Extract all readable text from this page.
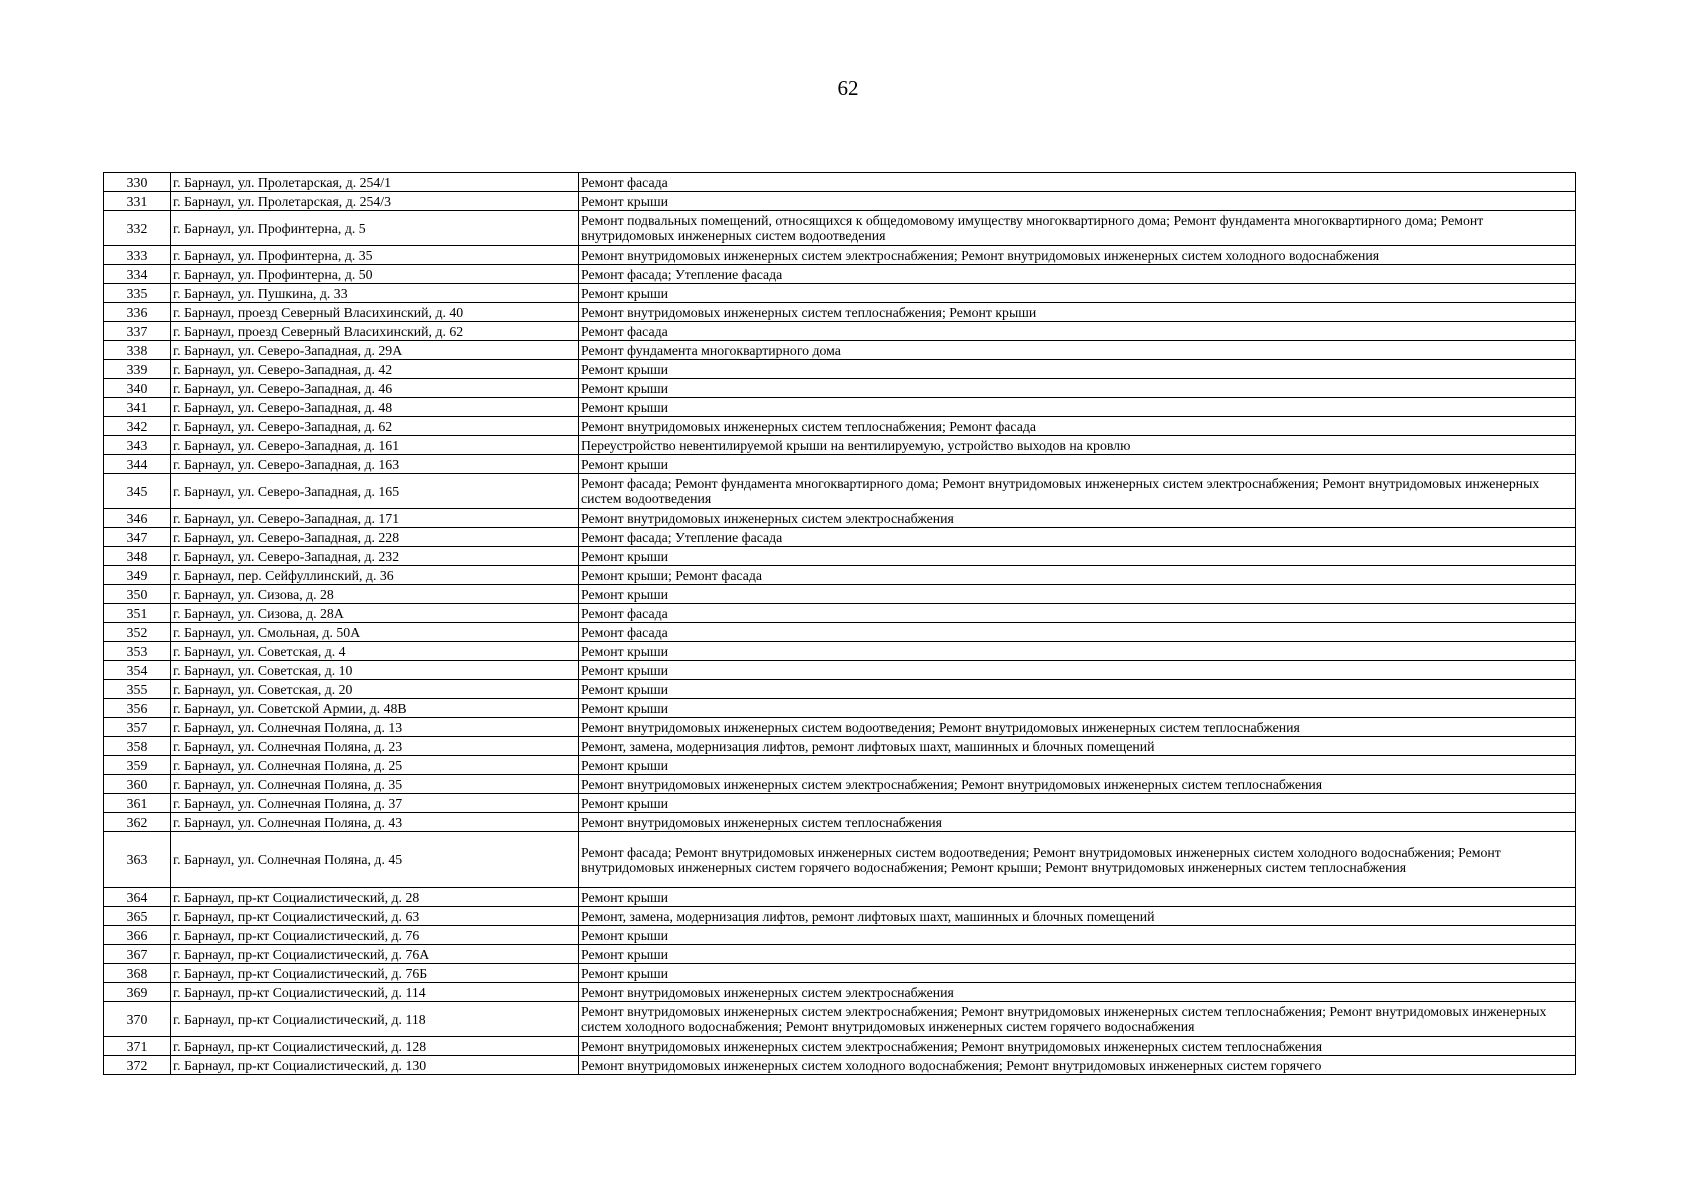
62
330	г. Барнаул, ул. Пролетарская, д. 254/1	Ремонт фасада
331	г. Барнаул, ул. Пролетарская, д. 254/3	Ремонт крыши
332	г. Барнаул, ул. Профинтерна, д. 5	Ремонт подвальных помещений, относящихся к общедомовому имуществу многоквартирного дома; Ремонт фундамента многоквартирного дома; Ремонт внутридомовых инженерных систем водоотведения
333	г. Барнаул, ул. Профинтерна, д. 35	Ремонт внутридомовых инженерных систем электроснабжения; Ремонт внутридомовых инженерных систем холодного водоснабжения
334	г. Барнаул, ул. Профинтерна, д. 50	Ремонт фасада; Утепление фасада
335	г. Барнаул, ул. Пушкина, д. 33	Ремонт крыши
336	г. Барнаул, проезд Северный Власихинский, д. 40	Ремонт внутридомовых инженерных систем теплоснабжения; Ремонт крыши
337	г. Барнаул, проезд Северный Власихинский, д. 62	Ремонт фасада
338	г. Барнаул, ул. Северо-Западная, д. 29А	Ремонт фундамента многоквартирного дома
339	г. Барнаул, ул. Северо-Западная, д. 42	Ремонт крыши
340	г. Барнаул, ул. Северо-Западная, д. 46	Ремонт крыши
341	г. Барнаул, ул. Северо-Западная, д. 48	Ремонт крыши
342	г. Барнаул, ул. Северо-Западная, д. 62	Ремонт внутридомовых инженерных систем теплоснабжения; Ремонт фасада
343	г. Барнаул, ул. Северо-Западная, д. 161	Переустройство невентилируемой крыши на вентилируемую, устройство выходов на кровлю
344	г. Барнаул, ул. Северо-Западная, д. 163	Ремонт крыши
345	г. Барнаул, ул. Северо-Западная, д. 165	Ремонт фасада; Ремонт фундамента многоквартирного дома; Ремонт внутридомовых инженерных систем электроснабжения; Ремонт внутридомовых инженерных систем водоотведения
346	г. Барнаул, ул. Северо-Западная, д. 171	Ремонт внутридомовых инженерных систем электроснабжения
347	г. Барнаул, ул. Северо-Западная, д. 228	Ремонт фасада; Утепление фасада
348	г. Барнаул, ул. Северо-Западная, д. 232	Ремонт крыши
349	г. Барнаул, пер. Сейфуллинский, д. 36	Ремонт крыши; Ремонт фасада
350	г. Барнаул, ул. Сизова, д. 28	Ремонт крыши
351	г. Барнаул, ул. Сизова, д. 28А	Ремонт фасада
352	г. Барнаул, ул. Смольная, д. 50А	Ремонт фасада
353	г. Барнаул, ул. Советская, д. 4	Ремонт крыши
354	г. Барнаул, ул. Советская, д. 10	Ремонт крыши
355	г. Барнаул, ул. Советская, д. 20	Ремонт крыши
356	г. Барнаул, ул. Советской Армии, д. 48В	Ремонт крыши
357	г. Барнаул, ул. Солнечная Поляна, д. 13	Ремонт внутридомовых инженерных систем водоотведения; Ремонт внутридомовых инженерных систем теплоснабжения
358	г. Барнаул, ул. Солнечная Поляна, д. 23	Ремонт, замена, модернизация лифтов, ремонт лифтовых шахт, машинных и блочных помещений
359	г. Барнаул, ул. Солнечная Поляна, д. 25	Ремонт крыши
360	г. Барнаул, ул. Солнечная Поляна, д. 35	Ремонт внутридомовых инженерных систем электроснабжения; Ремонт внутридомовых инженерных систем теплоснабжения
361	г. Барнаул, ул. Солнечная Поляна, д. 37	Ремонт крыши
362	г. Барнаул, ул. Солнечная Поляна, д. 43	Ремонт внутридомовых инженерных систем теплоснабжения
363	г. Барнаул, ул. Солнечная Поляна, д. 45	Ремонт фасада; Ремонт внутридомовых инженерных систем водоотведения; Ремонт внутридомовых инженерных систем холодного водоснабжения; Ремонт внутридомовых инженерных систем горячего водоснабжения; Ремонт крыши; Ремонт внутридомовых инженерных систем теплоснабжения
364	г. Барнаул, пр-кт Социалистический, д. 28	Ремонт крыши
365	г. Барнаул, пр-кт Социалистический, д. 63	Ремонт, замена, модернизация лифтов, ремонт лифтовых шахт, машинных и блочных помещений
366	г. Барнаул, пр-кт Социалистический, д. 76	Ремонт крыши
367	г. Барнаул, пр-кт Социалистический, д. 76А	Ремонт крыши
368	г. Барнаул, пр-кт Социалистический, д. 76Б	Ремонт крыши
369	г. Барнаул, пр-кт Социалистический, д. 114	Ремонт внутридомовых инженерных систем электроснабжения
370	г. Барнаул, пр-кт Социалистический, д. 118	Ремонт внутридомовых инженерных систем электроснабжения; Ремонт внутридомовых инженерных систем теплоснабжения; Ремонт внутридомовых инженерных систем холодного водоснабжения; Ремонт внутридомовых инженерных систем горячего водоснабжения
371	г. Барнаул, пр-кт Социалистический, д. 128	Ремонт внутридомовых инженерных систем электроснабжения; Ремонт внутридомовых инженерных систем теплоснабжения
372	г. Барнаул, пр-кт Социалистический, д. 130	Ремонт внутридомовых инженерных систем холодного водоснабжения; Ремонт внутридомовых инженерных систем горячего
